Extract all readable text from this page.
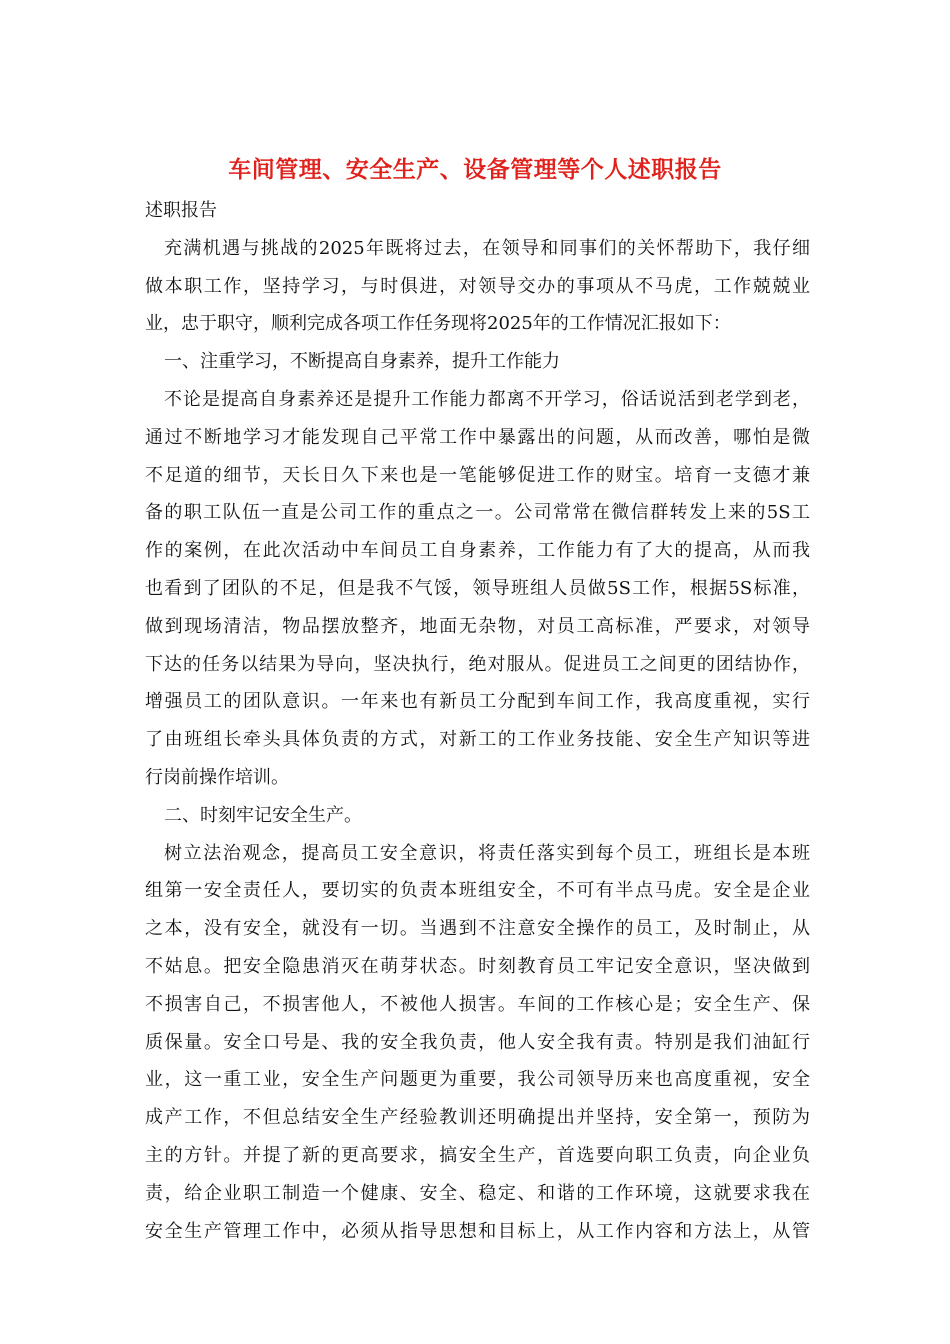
车间管理、安全生产、设备管理等个人述职报告
述职报告
充满机遇与挑战的2025年既将过去，在领导和同事们的关怀帮助下，我仔细
做本职工作，坚持学习，与时俱进，对领导交办的事项从不马虎，工作兢兢业
业，忠于职守，顺利完成各项工作任务现将2025年的工作情况汇报如下：
一、注重学习，不断提高自身素养，提升工作能力
不论是提高自身素养还是提升工作能力都离不开学习，俗话说活到老学到老，
通过不断地学习才能发现自己平常工作中暴露出的问题，从而改善，哪怕是微
不足道的细节，天长日久下来也是一笔能够促进工作的财宝。培育一支德才兼
备的职工队伍一直是公司工作的重点之一。公司常常在微信群转发上来的5S工
作的案例，在此次活动中车间员工自身素养，工作能力有了大的提高，从而我
也看到了团队的不足，但是我不气馁，领导班组人员做5S工作，根据5S标准，
做到现场清洁，物品摆放整齐，地面无杂物，对员工高标准，严要求，对领导
下达的任务以结果为导向，坚决执行，绝对服从。促进员工之间更的团结协作，
增强员工的团队意识。一年来也有新员工分配到车间工作，我高度重视，实行
了由班组长牵头具体负责的方式，对新工的工作业务技能、安全生产知识等进
行岗前操作培训。
二、时刻牢记安全生产。
树立法治观念，提高员工安全意识，将责任落实到每个员工，班组长是本班
组第一安全责任人，要切实的负责本班组安全，不可有半点马虎。安全是企业
之本，没有安全，就没有一切。当遇到不注意安全操作的员工，及时制止，从
不姑息。把安全隐患消灭在萌芽状态。时刻教育员工牢记安全意识，坚决做到
不损害自己，不损害他人，不被他人损害。车间的工作核心是；安全生产、保
质保量。安全口号是、我的安全我负责，他人安全我有责。特别是我们油缸行
业，这一重工业，安全生产问题更为重要，我公司领导历来也高度重视，安全
成产工作，不但总结安全生产经验教训还明确提出并坚持，安全第一，预防为
主的方针。并提了新的更高要求，搞安全生产，首选要向职工负责，向企业负
责，给企业职工制造一个健康、安全、稳定、和谐的工作环境，这就要求我在
安全生产管理工作中，必须从指导思想和目标上，从工作内容和方法上，从管
